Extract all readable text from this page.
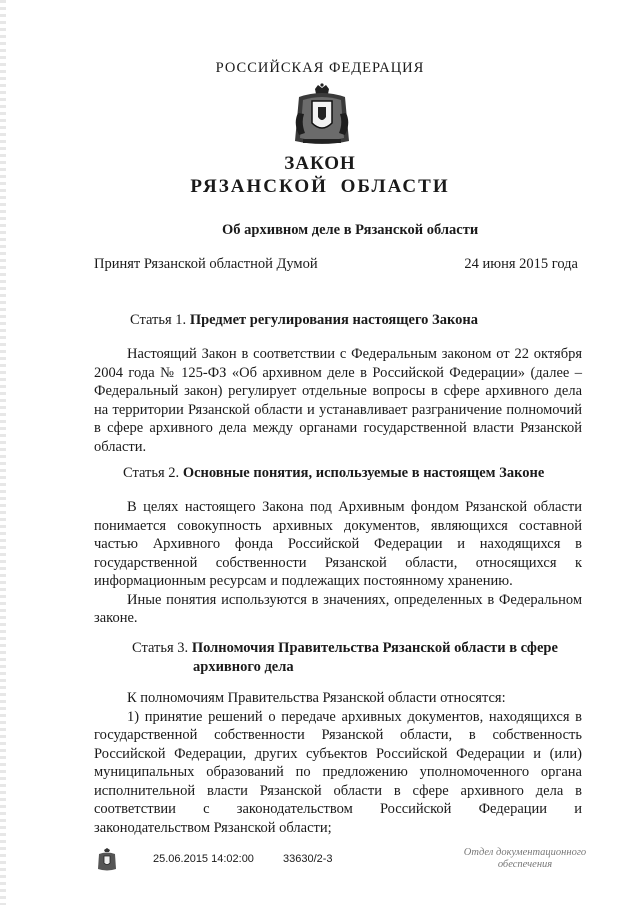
РОССИЙСКАЯ ФЕДЕРАЦИЯ
ЗАКОН
РЯЗАНСКОЙ ОБЛАСТИ
Об архивном деле в Рязанской области
Принят Рязанской областной Думой	24 июня 2015 года
Статья 1. Предмет регулирования настоящего Закона

Настоящий Закон в соответствии с Федеральным законом от 22 октября 2004 года № 125-ФЗ «Об архивном деле в Российской Федерации» (далее – Федеральный закон) регулирует отдельные вопросы в сфере архивного дела на территории Рязанской области и устанавливает разграничение полномочий в сфере архивного дела между органами государственной власти Рязанской области.

Статья 2. Основные понятия, используемые в настоящем Законе

В целях настоящего Закона под Архивным фондом Рязанской области понимается совокупность архивных документов, являющихся составной частью Архивного фонда Российской Федерации и находящихся в государственной собственности Рязанской области, относящихся к информационным ресурсам и подлежащих постоянному хранению.

Иные понятия используются в значениях, определенных в Федеральном законе.

Статья 3. Полномочия Правительства Рязанской области в сфере
архивного дела

К полномочиям Правительства Рязанской области относятся:

1) принятие решений о передаче архивных документов, находящихся в государственной собственности Рязанской области, в собственность Российской Федерации, других субъектов Российской Федерации и (или) муниципальных образований по предложению уполномоченного органа исполнительной власти Рязанской области в сфере архивного дела в соответствии с законодательством Российской Федерации и законодательством Рязанской области;

25.06.2015 14:02:00	33630/2-3
Отдел документационного
обеспечения
